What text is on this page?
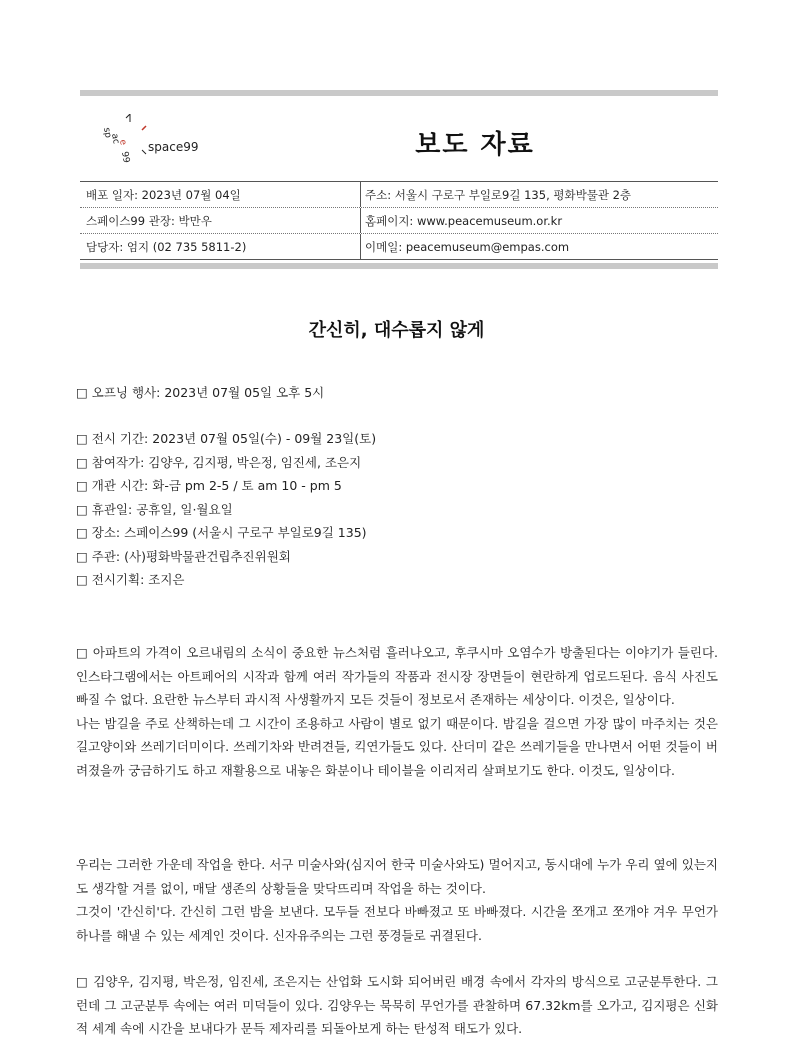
sp
ac
e
99
space99	보도 자료
배포 일자: 2023년 07월 04일	주소: 서울시 구로구 부일로9길 135, 평화박물관 2층
스페이스99 관장: 박만우	홈페이지: www.peacemuseum.or.kr
담당자: 엄지 (02 735 5811-2)	이메일: peacemuseum@empas.com
간신히, 대수롭지 않게
□ 오프닝 행사: 2023년 07월 05일 오후 5시
□ 전시 기간: 2023년 07월 05일(수) - 09월 23일(토)
□ 참여작가: 김양우, 김지평, 박은정, 임진세, 조은지
□ 개관 시간: 화-금 pm 2-5 / 토 am 10 - pm 5
□ 휴관일: 공휴일, 일·월요일
□ 장소: 스페이스99 (서울시 구로구 부일로9길 135)
□ 주관: (사)평화박물관건립추진위원회
□ 전시기획: 조지은

□ 아파트의 가격이 오르내림의 소식이 중요한 뉴스처럼 흘러나오고, 후쿠시마 오염수가 방출된다는 이야기가 들린다. 인스타그램에서는 아트페어의 시작과 함께 여러 작가들의 작품과 전시장 장면들이 현란하게 업로드된다. 음식 사진도 빠질 수 없다. 요란한 뉴스부터 과시적 사생활까지 모든 것들이 정보로서 존재하는 세상이다. 이것은, 일상이다.

나는 밤길을 주로 산책하는데 그 시간이 조용하고 사람이 별로 없기 때문이다. 밤길을 걸으면 가장 많이 마주치는 것은 길고양이와 쓰레기더미이다. 쓰레기차와 반려견들, 킥연가들도 있다. 산더미 같은 쓰레기들을 만나면서 어떤 것들이 버려졌을까 궁금하기도 하고 재활용으로 내놓은 화분이나 테이블을 이리저리 살펴보기도 한다. 이것도, 일상이다.

우리는 그러한 가운데 작업을 한다. 서구 미술사와(심지어 한국 미술사와도) 멀어지고, 동시대에 누가 우리 옆에 있는지도 생각할 겨를 없이, 매달 생존의 상황들을 맞닥뜨리며 작업을 하는 것이다.

그것이 '간신히'다. 간신히 그런 밤을 보낸다. 모두들 전보다 바빠졌고 또 바빠졌다. 시간을 쪼개고 쪼개야 겨우 무언가 하나를 해낼 수 있는 세계인 것이다. 신자유주의는 그런 풍경들로 귀결된다.

□ 김양우, 김지평, 박은정, 임진세, 조은지는 산업화 도시화 되어버린 배경 속에서 각자의 방식으로 고군분투한다. 그런데 그 고군분투 속에는 여러 미덕들이 있다. 김양우는 묵묵히 무언가를 관찰하며 67.32km를 오가고, 김지평은 신화적 세계 속에 시간을 보내다가 문득 제자리를 되돌아보게 하는 탄성적 태도가 있다.
